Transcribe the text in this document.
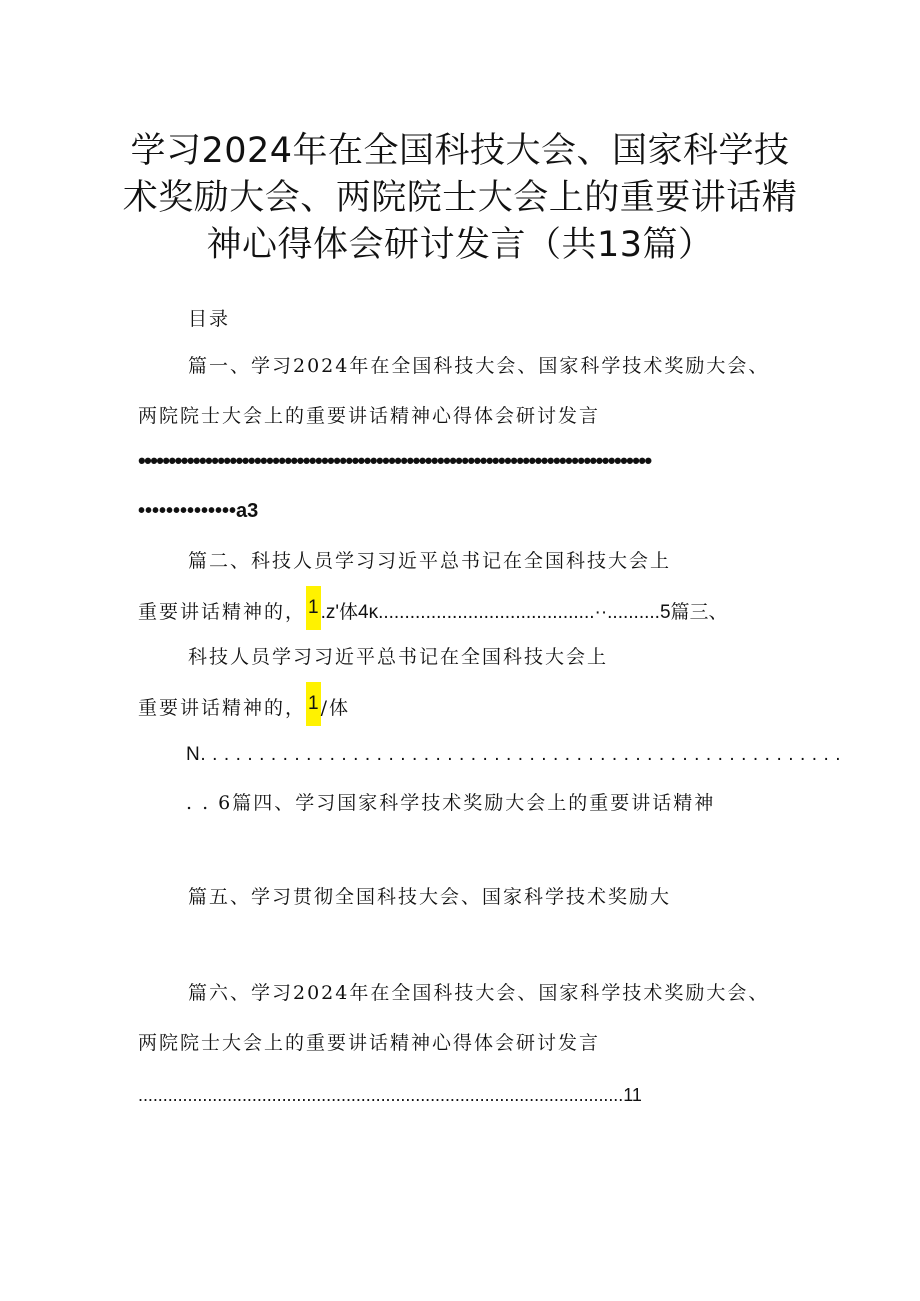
学习2024年在全国科技大会、国家科学技
术奖励大会、两院院士大会上的重要讲话精
神心得体会研讨发言（共13篇）
目录
篇一、学习2024年在全国科技大会、国家科学技术奖励大会、
两院院士大会上的重要讲话精神心得体会研讨发言
••••••••••••••••••••••••••••••••••••••••••••••••••••••••••••••••••••••••••••••••••••
••••••••••••••a3
篇二、科技人员学习习近平总书记在全国科技大会上
重要讲话精神的， 1 .z'体4κ.........................................··..........5篇三、
科技人员学习习近平总书记在全国科技大会上
重要讲话精神的， 1 /体
N. . . . . . . . . . . . . . . . . . . . . . . . . . . . . . . . . . . . . . . . . . . . . . . . . . . . . . .
. . 6篇四、学习国家科学技术奖励大会上的重要讲话精神
篇五、学习贯彻全国科技大会、国家科学技术奖励大
篇六、学习2024年在全国科技大会、国家科学技术奖励大会、
两院院士大会上的重要讲话精神心得体会研讨发言
..................................................................................................11
